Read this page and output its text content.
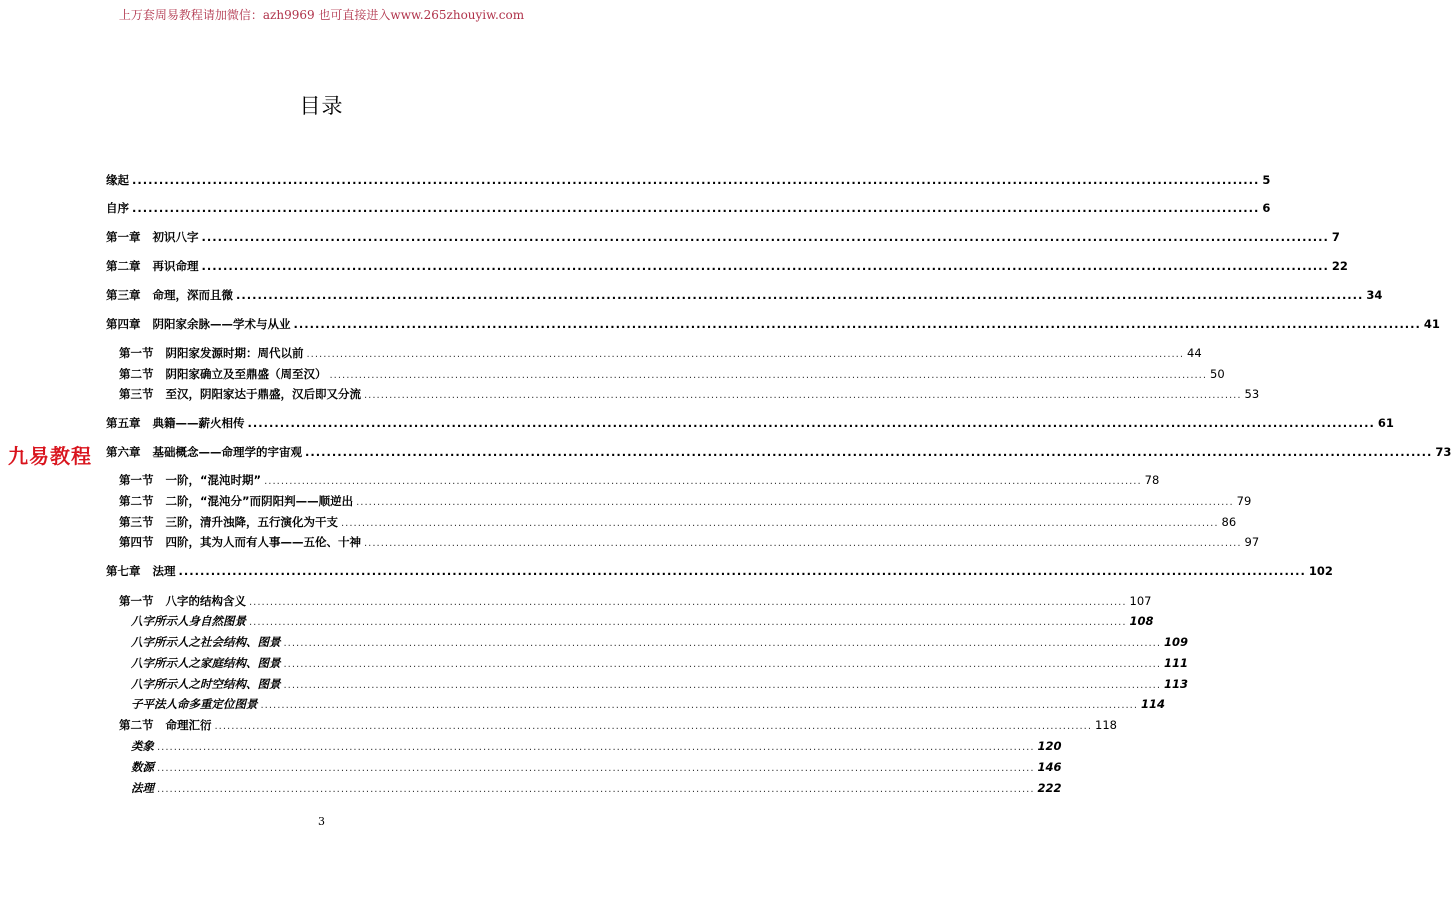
上万套周易教程请加微信：azh9969 也可直接进入www.265zhouyiw.com
目录
缘起 .................................................................................................................................................................................................................. 5
自序 .................................................................................................................................................................................................................. 6
第一章 初识八字 .................................................................................................................................................................................................................. 7
第二章 再识命理 .................................................................................................................................................................................................................. 22
第三章 命理，深而且微 .................................................................................................................................................................................................................. 34
第四章 阴阳家余脉——学术与从业 .................................................................................................................................................................................................................. 41
第一节 阴阳家发源时期：周代以前 .................................................................................................................................................................................................................. 44
第二节 阴阳家确立及至鼎盛（周至汉） .................................................................................................................................................................................................................. 50
第三节 至汉，阴阳家达于鼎盛，汉后即又分流 .................................................................................................................................................................................................................. 53
第五章 典籍——薪火相传 .................................................................................................................................................................................................................. 61
第六章 基础概念——命理学的宇宙观 .................................................................................................................................................................................................................. 73
第一节 一阶，“混沌时期” .................................................................................................................................................................................................................. 78
第二节 二阶，“混沌分”而阴阳判——顺逆出 .................................................................................................................................................................................................................. 79
第三节 三阶，清升浊降，五行演化为干支 .................................................................................................................................................................................................................. 86
第四节 四阶，其为人而有人事——五伦、十神 .................................................................................................................................................................................................................. 97
第七章 法理 .................................................................................................................................................................................................................. 102
第一节 八字的结构含义 .................................................................................................................................................................................................................. 107
八字所示人身自然图景 .................................................................................................................................................................................................................. 108
八字所示人之社会结构、图景 .................................................................................................................................................................................................................. 109
八字所示人之家庭结构、图景 .................................................................................................................................................................................................................. 111
八字所示人之时空结构、图景 .................................................................................................................................................................................................................. 113
子平法人命多重定位图景 .................................................................................................................................................................................................................. 114
第二节 命理汇衍 .................................................................................................................................................................................................................. 118
类象 .................................................................................................................................................................................................................. 120
数源 .................................................................................................................................................................................................................. 146
法理 .................................................................................................................................................................................................................. 222
九易教程
3
